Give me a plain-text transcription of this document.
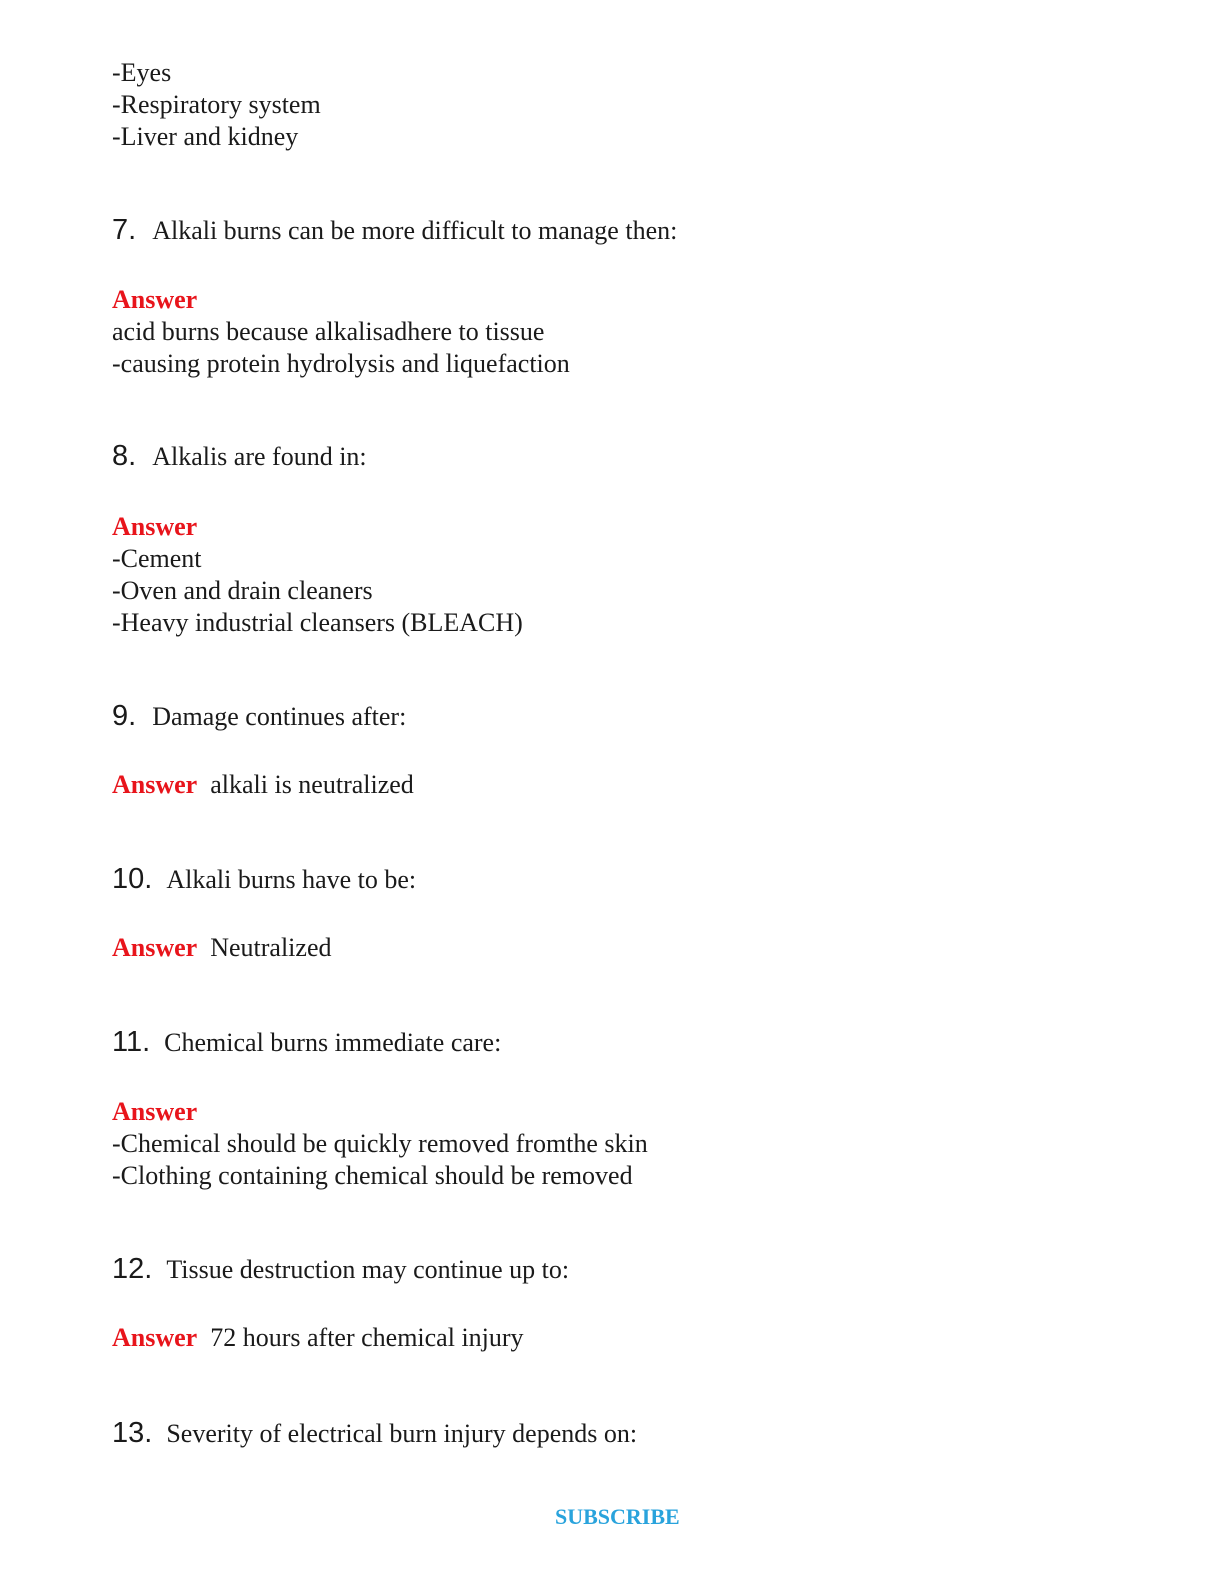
-Eyes
-Respiratory system
-Liver and kidney
7. Alkali burns can be more difficult to manage then:
Answer
acid burns because alkalisadhere to tissue
-causing protein hydrolysis and liquefaction
8. Alkalis are found in:
Answer
-Cement
-Oven and drain cleaners
-Heavy industrial cleansers (BLEACH)
9. Damage continues after:
Answer alkali is neutralized
10. Alkali burns have to be:
Answer Neutralized
11. Chemical burns immediate care:
Answer
-Chemical should be quickly removed fromthe skin
-Clothing containing chemical should be removed
12. Tissue destruction may continue up to:
Answer 72 hours after chemical injury
13. Severity of electrical burn injury depends on:
SUBSCRIBE
